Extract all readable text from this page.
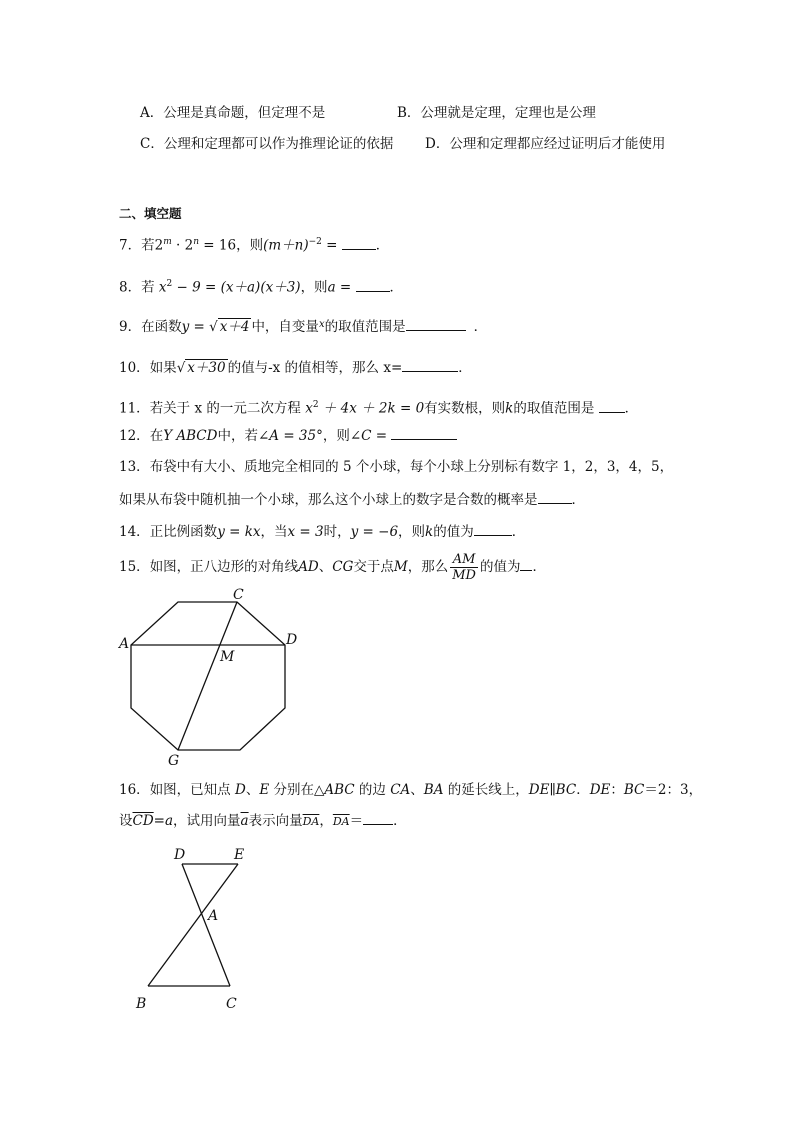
A．公理是真命题，但定理不是	B．公理就是定理，定理也是公理
C．公理和定理都可以作为推理论证的依据 D．公理和定理都应经过证明后才能使用
二、填空题
7．若$2^m \cdot 2^n = 16$，则$(m+n)^{-2}$ =	．
8．若 $x^2 - 9 = (x+a)(x+3)$，则a =	．
9．在函数y = √ x＋4 中，自变量$^x$的取值范围是	．
10．如果√ x＋30 的值与-x 的值相等，那么 x=	．
11．若关于 x 的一元二次方程 $x^2 + 4x + 2k = 0$有实数根，则k的取值范围是 ．
12．在Y ABCD中，若∠A = 35°，则∠C =
13．布袋中有大小、质地完全相同的 5 个小球，每个小球上分别标有数字 1，2，3，4，5，
如果从布袋中随机抽一个小球，那么这个小球上的数字是合数的概率是	．
14．正比例函数y = kx，当x = 3时，y = −6，则k的值为	．
15．如图，正八边形的对角线AD、CG交于点M，那么 $\frac{AM}{MD}$ 的值为 ．
A
C
D
M
G
16．如图，已知点 D、E 分别在△ABC 的边 CA、BA 的延长线上，DE∥BC．DE：BC＝2：3，
设$\overline{CD}=a$，试用向量$\overline{a}$表示向量$\overline{DA}$，$\overline{DA}=$ ．
D	E
A
B	C
